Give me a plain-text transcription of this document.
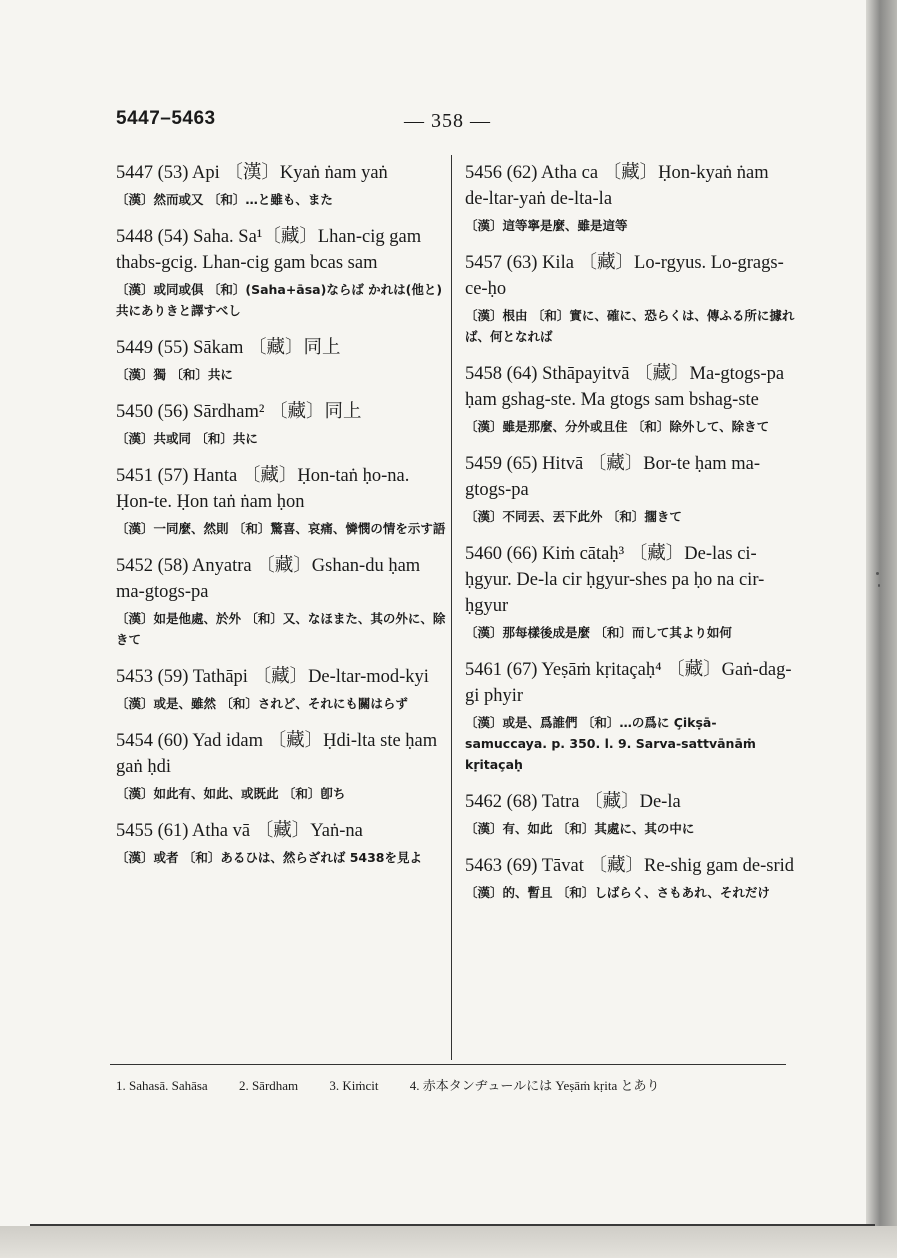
5447–5463	— 358 —
5447 (53) Api 〔漢〕Kyaṅ ṅam yaṅ
〔漢〕然而或又 〔和〕…と雖も、また
5448 (54) Saha. Sa¹〔藏〕Lhan-cig gam thabs-gcig. Lhan-cig gam bcas sam
〔漢〕或同或倶 〔和〕(Saha+āsa)ならば かれは(他と)共にありきと譯すべし
5449 (55) Sākam 〔藏〕同上
〔漢〕獨 〔和〕共に
5450 (56) Sārdham² 〔藏〕同上
〔漢〕共或同 〔和〕共に
5451 (57) Hanta 〔藏〕Ḥon-taṅ ḥo-na. Ḥon-te. Ḥon taṅ ṅam ḥon
〔漢〕一同麼、然則 〔和〕驚喜、哀痛、憐憫の情を示す語
5452 (58) Anyatra 〔藏〕Gshan-du ḥam ma-gtogs-pa
〔漢〕如是他處、於外 〔和〕又、なほまた、其の外に、除きて
5453 (59) Tathāpi 〔藏〕De-ltar-mod-kyi
〔漢〕或是、雖然 〔和〕されど、それにも關はらず
5454 (60) Yad idam 〔藏〕Ḥdi-lta ste ḥam gaṅ ḥdi
〔漢〕如此有、如此、或既此 〔和〕卽ち
5455 (61) Atha vā 〔藏〕Yaṅ-na
〔漢〕或者 〔和〕あるひは、然らざれば 5438を見よ
5456 (62) Atha ca 〔藏〕Ḥon-kyaṅ ṅam de-ltar-yaṅ de-lta-la
〔漢〕這等寧是麼、雖是這等
5457 (63) Kila 〔藏〕Lo-rgyus. Lo-grags-ce-ḥo
〔漢〕根由 〔和〕實に、確に、恐らくは、傳ふる所に據れば、何となれば
5458 (64) Sthāpayitvā 〔藏〕Ma-gtogs-pa ḥam gshag-ste. Ma gtogs sam bshag-ste
〔漢〕雖是那麼、分外或且住 〔和〕除外して、除きて
5459 (65) Hitvā 〔藏〕Bor-te ḥam ma-gtogs-pa
〔漢〕不同丟、丟下此外 〔和〕擱きて
5460 (66) Kiṁ cātaḥ³ 〔藏〕De-las ci-ḥgyur. De-la cir ḥgyur-shes pa ḥo na cir-ḥgyur
〔漢〕那每樣後成是麼 〔和〕而して其より如何
5461 (67) Yeṣāṁ kṛitaçaḥ⁴ 〔藏〕Gaṅ-dag-gi phyir
〔漢〕或是、爲誰們 〔和〕…の爲に Çikṣā-samuccaya. p. 350. l. 9. Sarva-sattvānāṁ kṛitaçaḥ
5462 (68) Tatra 〔藏〕De-la
〔漢〕有、如此 〔和〕其處に、其の中に
5463 (69) Tāvat 〔藏〕Re-shig gam de-srid
〔漢〕的、暫且 〔和〕しばらく、さもあれ、それだけ
1. Sahasā. Sahāsa 2. Sārdham 3. Kiṁcit 4. 赤本タンヂュールには Yeṣāṁ kṛita とあり
